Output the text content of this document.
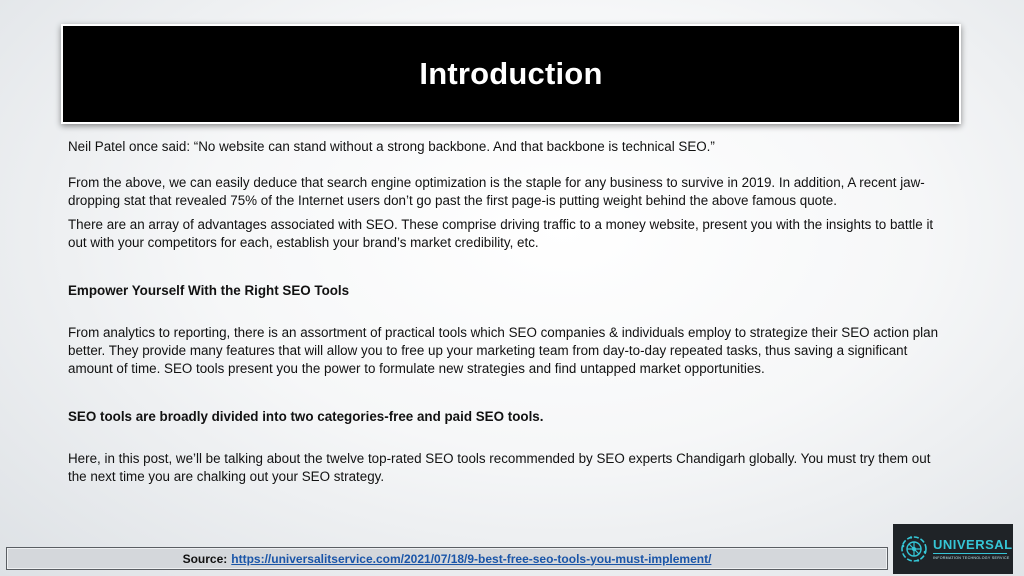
Introduction

Neil Patel once said: “No website can stand without a strong backbone. And that backbone is technical SEO.”

From the above, we can easily deduce that search engine optimization is the staple for any business to survive in 2019. In addition, A recent jaw-dropping stat that revealed 75% of the Internet users don’t go past the first page-is putting weight behind the above famous quote.

There are an array of advantages associated with SEO. These comprise driving traffic to a money website, present you with the insights to battle it out with your competitors for each, establish your brand’s market credibility, etc.

Empower Yourself With the Right SEO Tools

From analytics to reporting, there is an assortment of practical tools which SEO companies & individuals employ to strategize their SEO action plan better. They provide many features that will allow you to free up your marketing team from day-to-day repeated tasks, thus saving a significant amount of time. SEO tools present you the power to formulate new strategies and find untapped market opportunities.

SEO tools are broadly divided into two categories-free and paid SEO tools.

Here, in this post, we’ll be talking about the twelve top-rated SEO tools recommended by SEO experts Chandigarh globally. You must try them out the next time you are chalking out your SEO strategy.

Source: https://universalitservice.com/2021/07/18/9-best-free-seo-tools-you-must-implement/
UNIVERSAL
INFORMATION TECHNOLOGY SERVICE
